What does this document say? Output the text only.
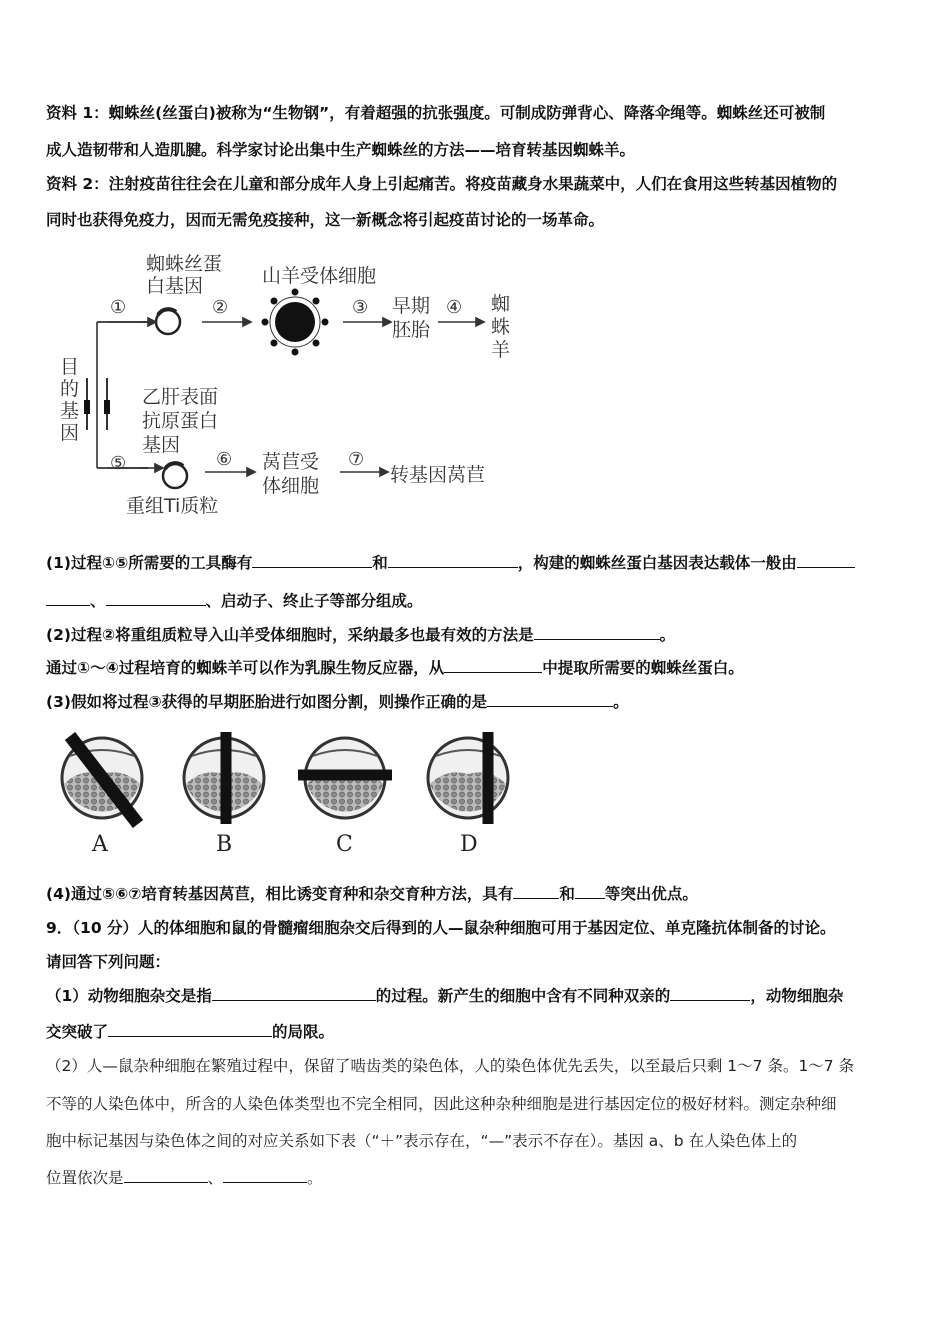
资料 1：蜘蛛丝(丝蛋白)被称为“生物钢”，有着超强的抗张强度。可制成防弹背心、降落伞绳等。蜘蛛丝还可被制
成人造韧带和人造肌腱。科学家讨论出集中生产蜘蛛丝的方法——培育转基因蜘蛛羊。
资料 2：注射疫苗往往会在儿童和部分成年人身上引起痛苦。将疫苗藏身水果蔬菜中，人们在食用这些转基因植物的
同时也获得免疫力，因而无需免疫接种，这一新概念将引起疫苗讨论的一场革命。
目
的
基
因
蜘蛛丝蛋
白基因	山羊受体细胞
早期
胚胎
蜘
蛛
羊
乙肝表面
抗原蛋白
基因
莴苣受
体细胞	转基因莴苣
重组Ti质粒
①	②	③	④
⑤	⑥	⑦
(1)过程①⑤所需要的工具酶有	和	，构建的蜘蛛丝蛋白基因表达载体一般由
、	、启动子、终止子等部分组成。
(2)过程②将重组质粒导入山羊受体细胞时，采纳最多也最有效的方法是	。
通过①～④过程培育的蜘蛛羊可以作为乳腺生物反应器，从	中提取所需要的蜘蛛丝蛋白。
(3)假如将过程③获得的早期胚胎进行如图分割，则操作正确的是	。
A	B	C	D
(4)通过⑤⑥⑦培育转基因莴苣，相比诱变育种和杂交育种方法，具有	和 等突出优点。
9．（10 分）人的体细胞和鼠的骨髓瘤细胞杂交后得到的人—鼠杂种细胞可用于基因定位、单克隆抗体制备的讨论。
请回答下列问题：
（1）动物细胞杂交是指	的过程。新产生的细胞中含有不同种双亲的	，动物细胞杂
交突破了	的局限。
（2）人—鼠杂种细胞在繁殖过程中，保留了啮齿类的染色体，人的染色体优先丢失，以至最后只剩 1～7 条。1～7 条
不等的人染色体中，所含的人染色体类型也不完全相同，因此这种杂种细胞是进行基因定位的极好材料。测定杂种细
胞中标记基因与染色体之间的对应关系如下表（“＋”表示存在，“—”表示不存在）。基因 a、b 在人染色体上的
位置依次是	、	。
